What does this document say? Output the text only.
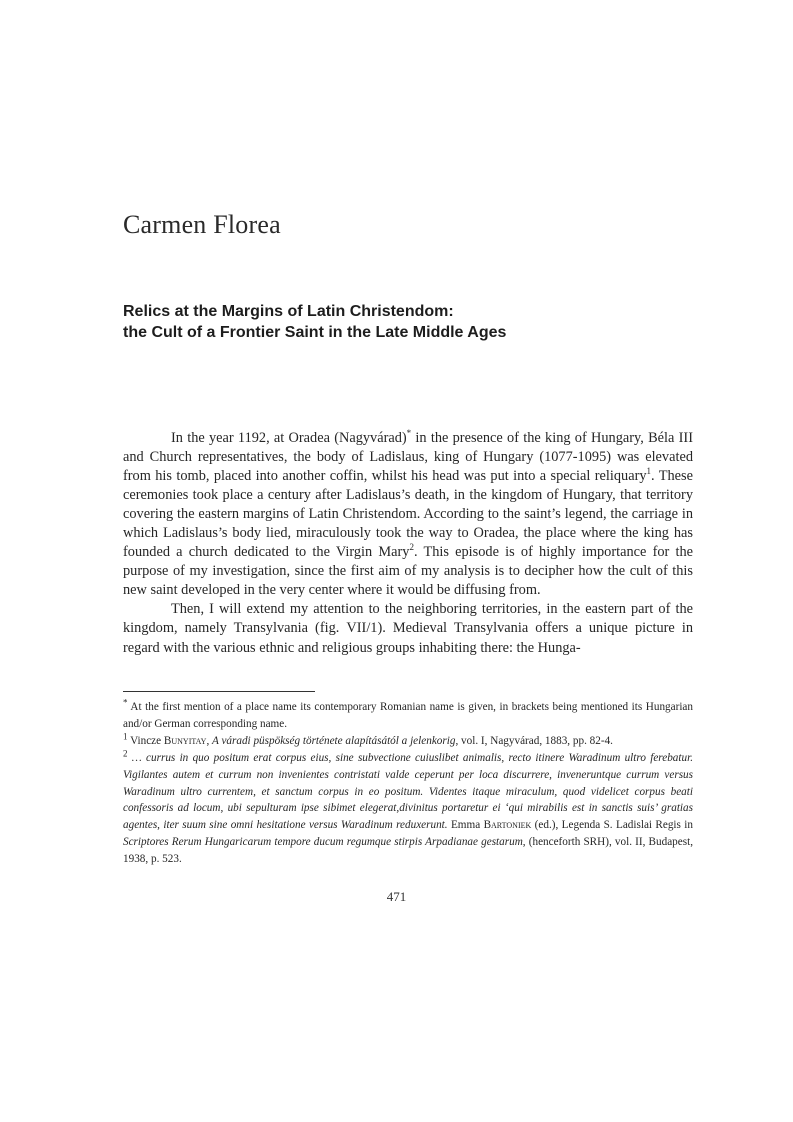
Carmen Florea
Relics at the Margins of Latin Christendom:
the Cult of a Frontier Saint in the Late Middle Ages

In the year 1192, at Oradea (Nagyvárad)* in the presence of the king of Hungary, Béla III and Church representatives, the body of Ladislaus, king of Hungary (1077-1095) was elevated from his tomb, placed into another coffin, whilst his head was put into a special reliquary$^1$. These ceremonies took place a century after Ladislaus’s death, in the kingdom of Hungary, that territory covering the eastern margins of Latin Christendom. According to the saint’s legend, the carriage in which Ladislaus’s body lied, miraculously took the way to Oradea, the place where the king has founded a church dedicated to the Virgin Mary$^2$. This episode is of highly importance for the purpose of my investigation, since the first aim of my analysis is to decipher how the cult of this new saint developed in the very center where it would be diffusing from.

Then, I will extend my attention to the neighboring territories, in the eastern part of the kingdom, namely Transylvania (fig. VII/1). Medieval Transylvania offers a unique picture in regard with the various ethnic and religious groups inhabiting there: the Hunga-

* At the first mention of a place name its contemporary Romanian name is given, in brackets being mentioned its Hungarian and/or German corresponding name.
$^1$ Vincze Bunyitay, A váradi püspökség története alapításától a jelenkorig, vol. I, Nagyvárad, 1883, pp. 82-4.
$^2$ … currus in quo positum erat corpus eius, sine subvectione cuiuslibet animalis, recto itinere Waradinum ultro ferebatur. Vigilantes autem et currum non invenientes contristati valde ceperunt per loca discurrere, inveneruntque currum versus Waradinum ultro currentem, et sanctum corpus in eo positum. Videntes itaque miraculum, quod videlicet corpus beati confessoris ad locum, ubi sepulturam ipse sibimet elegerat,divinitus portaretur ei ‘qui mirabilis est in sanctis suis’ gratias agentes, iter suum sine omni hesitatione versus Waradinum reduxerunt. Emma Bartoniek (ed.), Legenda S. Ladislai Regis in Scriptores Rerum Hungaricarum tempore ducum regumque stirpis Arpadianae gestarum, (henceforth SRH), vol. II, Budapest, 1938, p. 523.
471
